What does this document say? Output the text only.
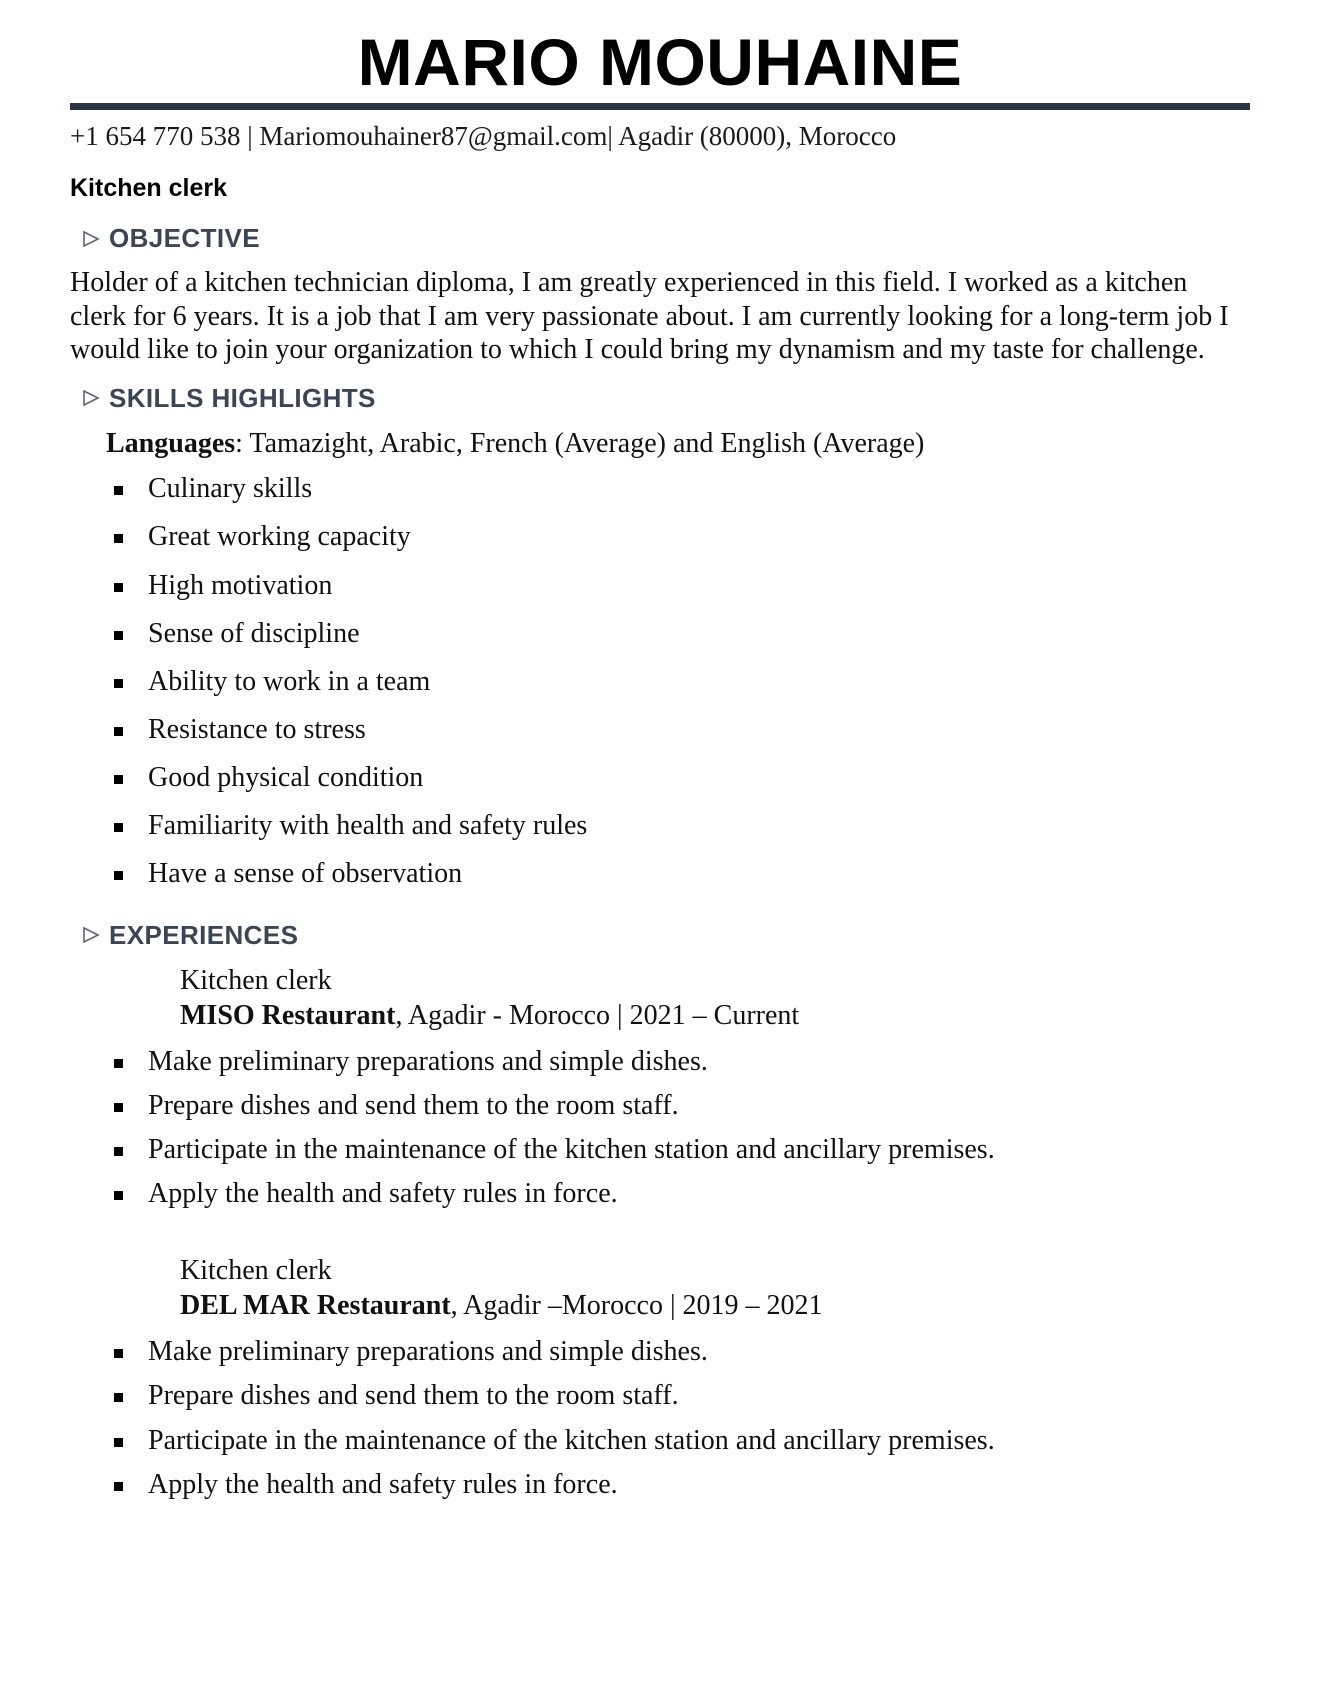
MARIO MOUHAINE
+1 654 770 538 | Mariomouhainer87@gmail.com| Agadir (80000), Morocco
Kitchen clerk
OBJECTIVE

Holder of a kitchen technician diploma, I am greatly experienced in this field. I worked as a kitchen clerk for 6 years. It is a job that I am very passionate about. I am currently looking for a long-term job I would like to join your organization to which I could bring my dynamism and my taste for challenge.

SKILLS HIGHLIGHTS
Languages: Tamazight, Arabic, French (Average) and English (Average)
Culinary skills
Great working capacity
High motivation
Sense of discipline
Ability to work in a team
Resistance to stress
Good physical condition
Familiarity with health and safety rules
Have a sense of observation
EXPERIENCES
Kitchen clerk
MISO Restaurant, Agadir - Morocco | 2021 – Current
Make preliminary preparations and simple dishes.
Prepare dishes and send them to the room staff.
Participate in the maintenance of the kitchen station and ancillary premises.
Apply the health and safety rules in force.
Kitchen clerk
DEL MAR Restaurant, Agadir –Morocco | 2019 – 2021
Make preliminary preparations and simple dishes.
Prepare dishes and send them to the room staff.
Participate in the maintenance of the kitchen station and ancillary premises.
Apply the health and safety rules in force.
